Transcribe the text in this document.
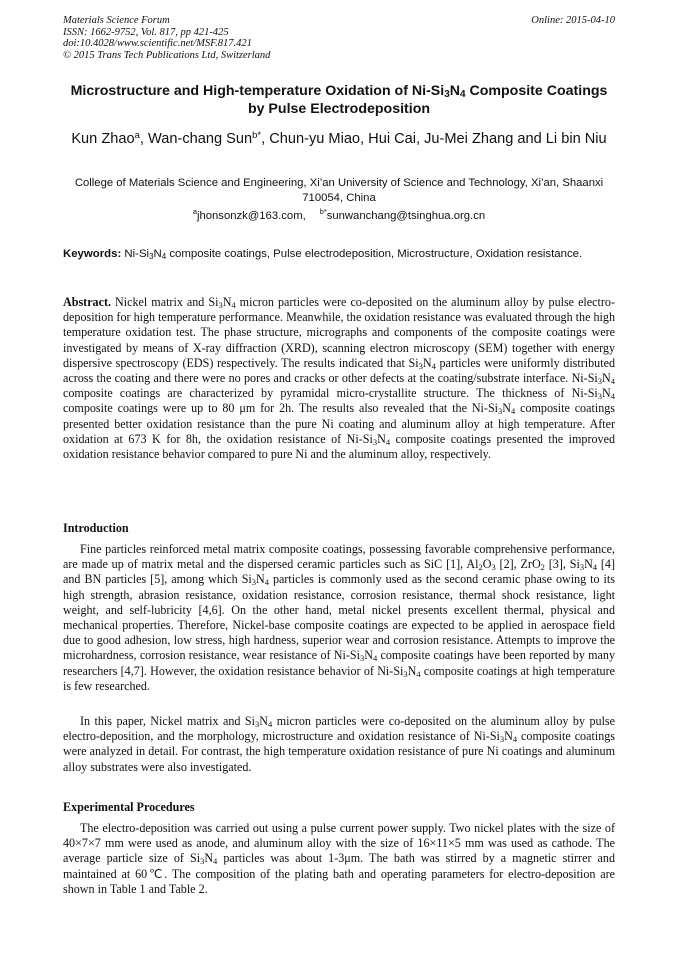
Materials Science Forum
ISSN: 1662-9752, Vol. 817, pp 421-425
doi:10.4028/www.scientific.net/MSF.817.421
© 2015 Trans Tech Publications Ltd, Switzerland
Online: 2015-04-10
Microstructure and High-temperature Oxidation of $Ni-Si_3N_4$ Composite Coatings by Pulse Electrodeposition
Kun Zhao$^a$, Wan-chang Sun$^{b*}$, Chun-yu Miao, Hui Cai, Ju-Mei Zhang and Li bin Niu
College of Materials Science and Engineering, Xi’an University of Science and Technology, Xi’an, Shaanxi 710054, China
$^a$jhonsonzk@163.com, $^{b*}$sunwanchang@tsinghua.org.cn
Keywords: $Ni-Si_3N_4$ composite coatings, Pulse electrodeposition, Microstructure, Oxidation resistance.

Abstract. Nickel matrix and $Si_3N_4$ micron particles were co-deposited on the aluminum alloy by pulse electro-deposition for high temperature performance. Meanwhile, the oxidation resistance was evaluated through the high temperature oxidation test. The phase structure, micrographs and components of the composite coatings were investigated by means of X-ray diffraction (XRD), scanning electron microscopy (SEM) together with energy dispersive spectroscopy (EDS) respectively. The results indicated that $Si_3N_4$ particles were uniformly distributed across the coating and there were no pores and cracks or other defects at the coating/substrate interface. $Ni-Si_3N_4$ composite coatings are characterized by pyramidal micro-crystallite structure. The thickness of $Ni-Si_3N_4$ composite coatings were up to 80 μm for 2h. The results also revealed that the $Ni-Si_3N_4$ composite coatings presented better oxidation resistance than the pure Ni coating and aluminum alloy at high temperature. After oxidation at 673 K for 8h, the oxidation resistance of $Ni-Si_3N_4$ composite coatings presented the improved oxidation resistance behavior compared to pure Ni and the aluminum alloy, respectively.

Introduction

Fine particles reinforced metal matrix composite coatings, possessing favorable comprehensive performance, are made up of matrix metal and the dispersed ceramic particles such as SiC [1], $Al_2O_3$ [2], ZrO$_2$ [3], $Si_3N_4$ [4] and BN particles [5], among which $Si_3N_4$ particles is commonly used as the second ceramic phase owing to its high strength, abrasion resistance, oxidation resistance, corrosion resistance, thermal shock resistance, light weight, and self-lubricity [4,6]. On the other hand, metal nickel presents excellent thermal, physical and mechanical properties. Therefore, Nickel-base composite coatings are expected to be applied in aerospace field due to good adhesion, low stress, high hardness, superior wear and corrosion resistance. Attempts to improve the microhardness, corrosion resistance, wear resistance of $Ni-Si_3N_4$ composite coatings have been reported by many researchers [4,7]. However, the oxidation resistance behavior of $Ni-Si_3N_4$ composite coatings at high temperature is few researched.

In this paper, Nickel matrix and $Si_3N_4$ micron particles were co-deposited on the aluminum alloy by pulse electro-deposition, and the morphology, microstructure and oxidation resistance of $Ni-Si_3N_4$ composite coatings were analyzed in detail. For contrast, the high temperature oxidation resistance of pure Ni coatings and aluminum alloy substrates were also investigated.

Experimental Procedures

The electro-deposition was carried out using a pulse current power supply. Two nickel plates with the size of 40×7×7 mm were used as anode, and aluminum alloy with the size of 16×11×5 mm was used as cathode. The average particle size of $Si_3N_4$ particles was about 1-3μm. The bath was stirred by a magnetic stirrer and maintained at 60℃. The composition of the plating bath and operating parameters for electro-deposition are shown in Table 1 and Table 2.
